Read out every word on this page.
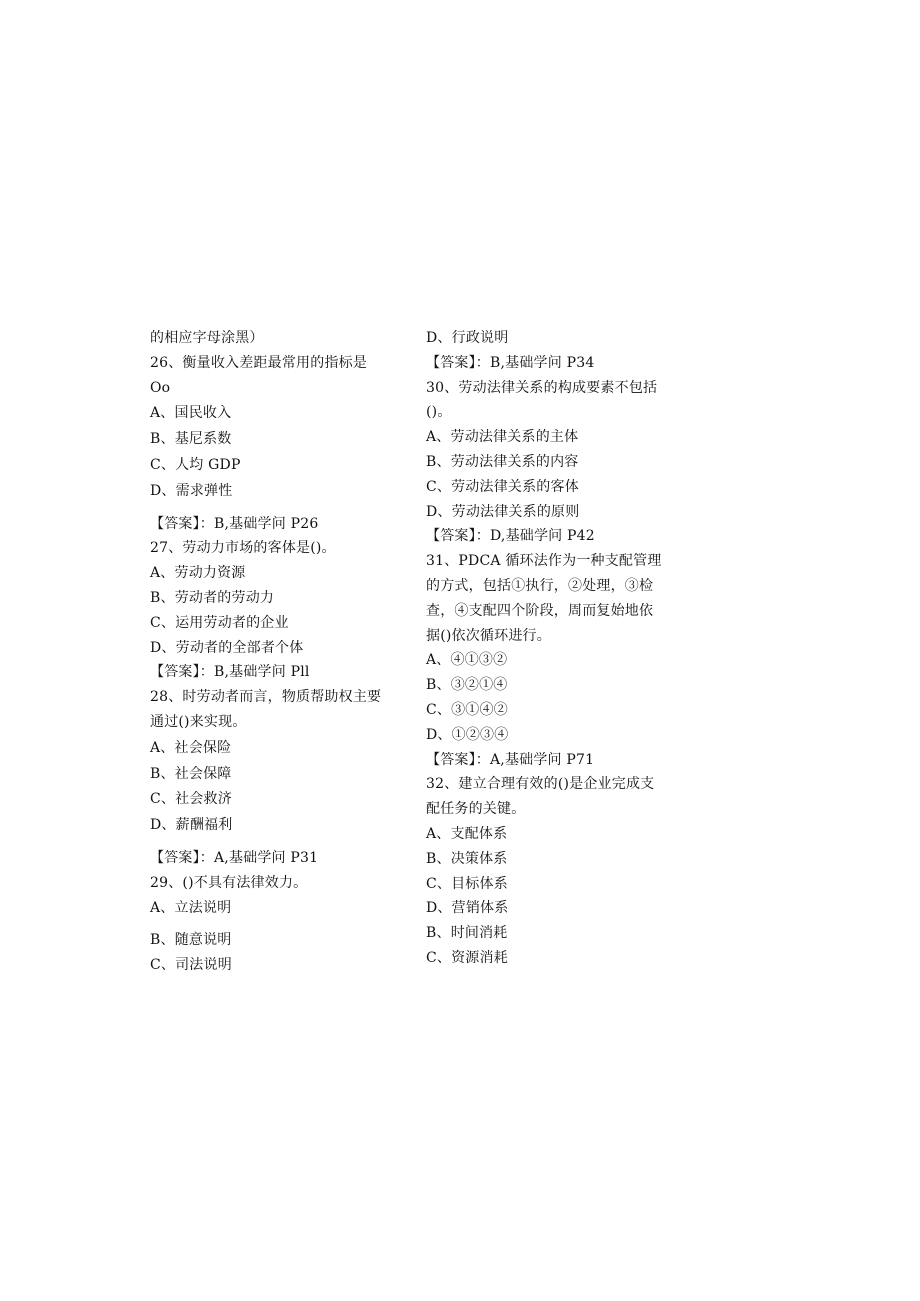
的相应字母涂黑）
26、衡量收入差距最常用的指标是
Oo
A、国民收入
B、基尼系数
C、人均 GDP
D、需求弹性
【答案】：B,基础学问 P26
27、劳动力市场的客体是()。
A、劳动力资源
B、劳动者的劳动力
C、运用劳动者的企业
D、劳动者的全部者个体
【答案】：B,基础学问 Pll
28、时劳动者而言，物质帮助权主要
通过()来实现。
A、社会保险
B、社会保障
C、社会救济
D、薪酬福利
【答案】：A,基础学问 P31
29、()不具有法律效力。
A、立法说明
B、随意说明
C、司法说明
D、行政说明
【答案】：B,基础学问 P34
30、劳动法律关系的构成要素不包括
()。
A、劳动法律关系的主体
B、劳动法律关系的内容
C、劳动法律关系的客体
D、劳动法律关系的原则
【答案】：D,基础学问 P42
31、PDCA 循环法作为一种支配管理
的方式，包括①执行，②处理，③检
查，④支配四个阶段，周而复始地依
据()依次循环进行。
A、④①③②
B、③②①④
C、③①④②
D、①②③④
【答案】：A,基础学问 P71
32、建立合理有效的()是企业完成支
配任务的关键。
A、支配体系
B、决策体系
C、目标体系
D、营销体系
B、时间消耗
C、资源消耗
